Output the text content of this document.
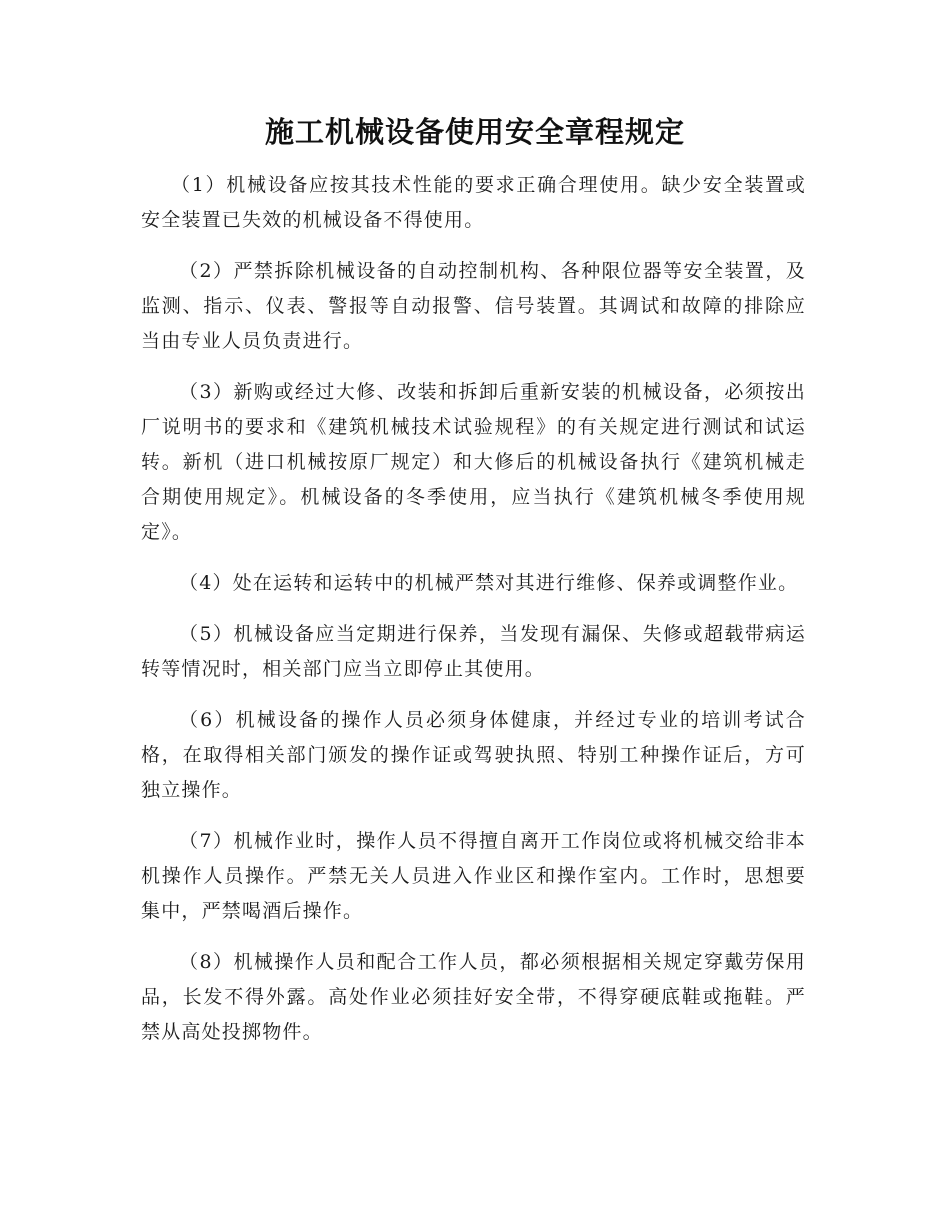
施工机械设备使用安全章程规定

（1）机械设备应按其技术性能的要求正确合理使用。缺少安全装置或安全装置已失效的机械设备不得使用。

（2）严禁拆除机械设备的自动控制机构、各种限位器等安全装置，及监测、指示、仪表、警报等自动报警、信号装置。其调试和故障的排除应当由专业人员负责进行。

（3）新购或经过大修、改装和拆卸后重新安装的机械设备，必须按出厂说明书的要求和《建筑机械技术试验规程》的有关规定进行测试和试运转。新机（进口机械按原厂规定）和大修后的机械设备执行《建筑机械走合期使用规定》。机械设备的冬季使用，应当执行《建筑机械冬季使用规定》。

（4）处在运转和运转中的机械严禁对其进行维修、保养或调整作业。

（5）机械设备应当定期进行保养，当发现有漏保、失修或超载带病运转等情况时，相关部门应当立即停止其使用。

（6）机械设备的操作人员必须身体健康，并经过专业的培训考试合格，在取得相关部门颁发的操作证或驾驶执照、特别工种操作证后，方可独立操作。

（7）机械作业时，操作人员不得擅自离开工作岗位或将机械交给非本机操作人员操作。严禁无关人员进入作业区和操作室内。工作时，思想要集中，严禁喝酒后操作。

（8）机械操作人员和配合工作人员，都必须根据相关规定穿戴劳保用品，长发不得外露。高处作业必须挂好安全带，不得穿硬底鞋或拖鞋。严禁从高处投掷物件。
